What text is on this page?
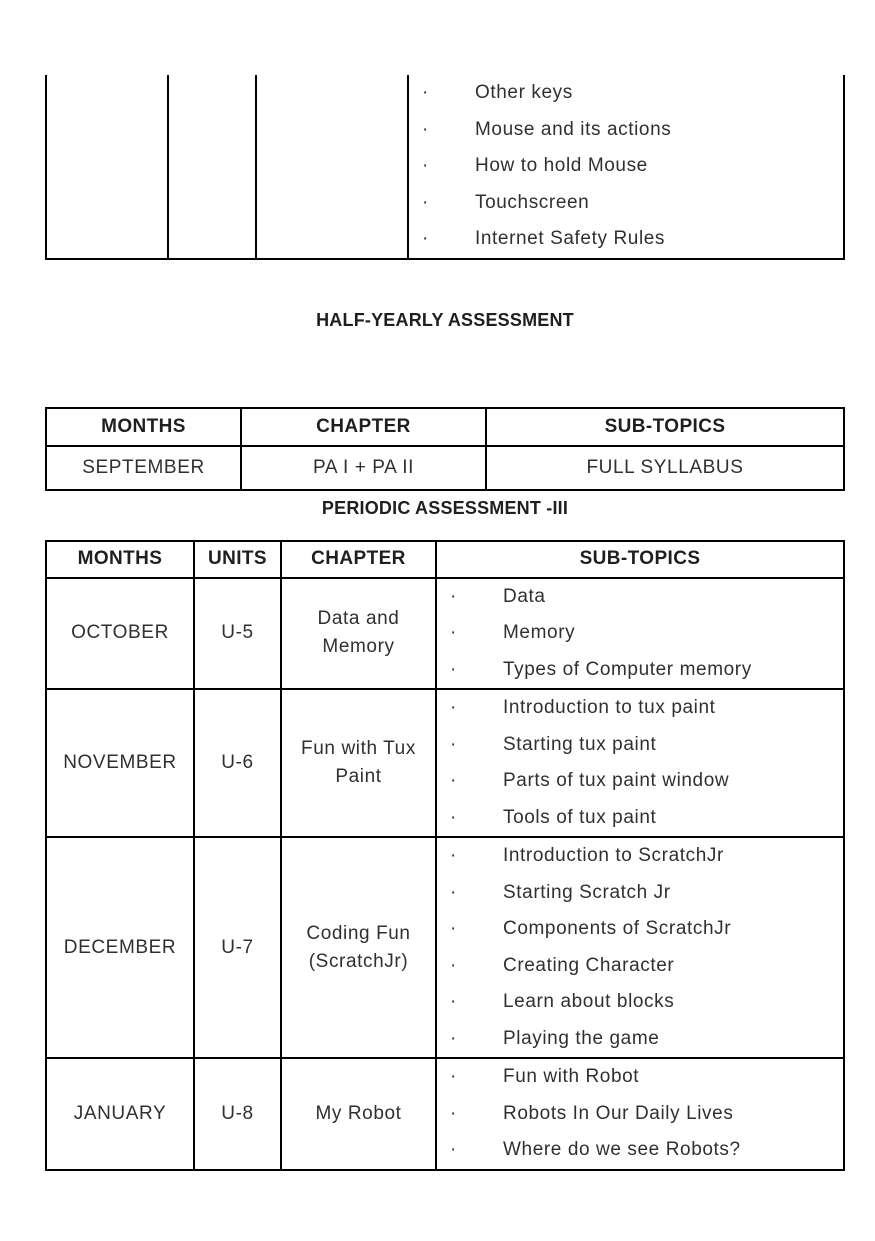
·	Other keys
·	Mouse and its actions
·	How to hold Mouse
·	Touchscreen
·	Internet Safety Rules
HALF-YEARLY ASSESSMENT
MONTHS	CHAPTER	SUB-TOPICS
SEPTEMBER	PA I + PA II	FULL SYLLABUS
PERIODIC ASSESSMENT -III
MONTHS	UNITS	CHAPTER	SUB-TOPICS
OCTOBER	U-5	Data and Memory	
·	Data
·	Memory
·	Types of Computer memory

NOVEMBER	U-6	Fun with Tux Paint	
·	Introduction to tux paint
·	Starting tux paint
·	Parts of tux paint window
·	Tools of tux paint

DECEMBER	U-7	Coding Fun (ScratchJr)	
·	Introduction to ScratchJr
·	Starting Scratch Jr
·	Components of ScratchJr
·	Creating Character
·	Learn about blocks
·	Playing the game

JANUARY	U-8	My Robot	
·	Fun with Robot
·	Robots In Our Daily Lives
·	Where do we see Robots?
